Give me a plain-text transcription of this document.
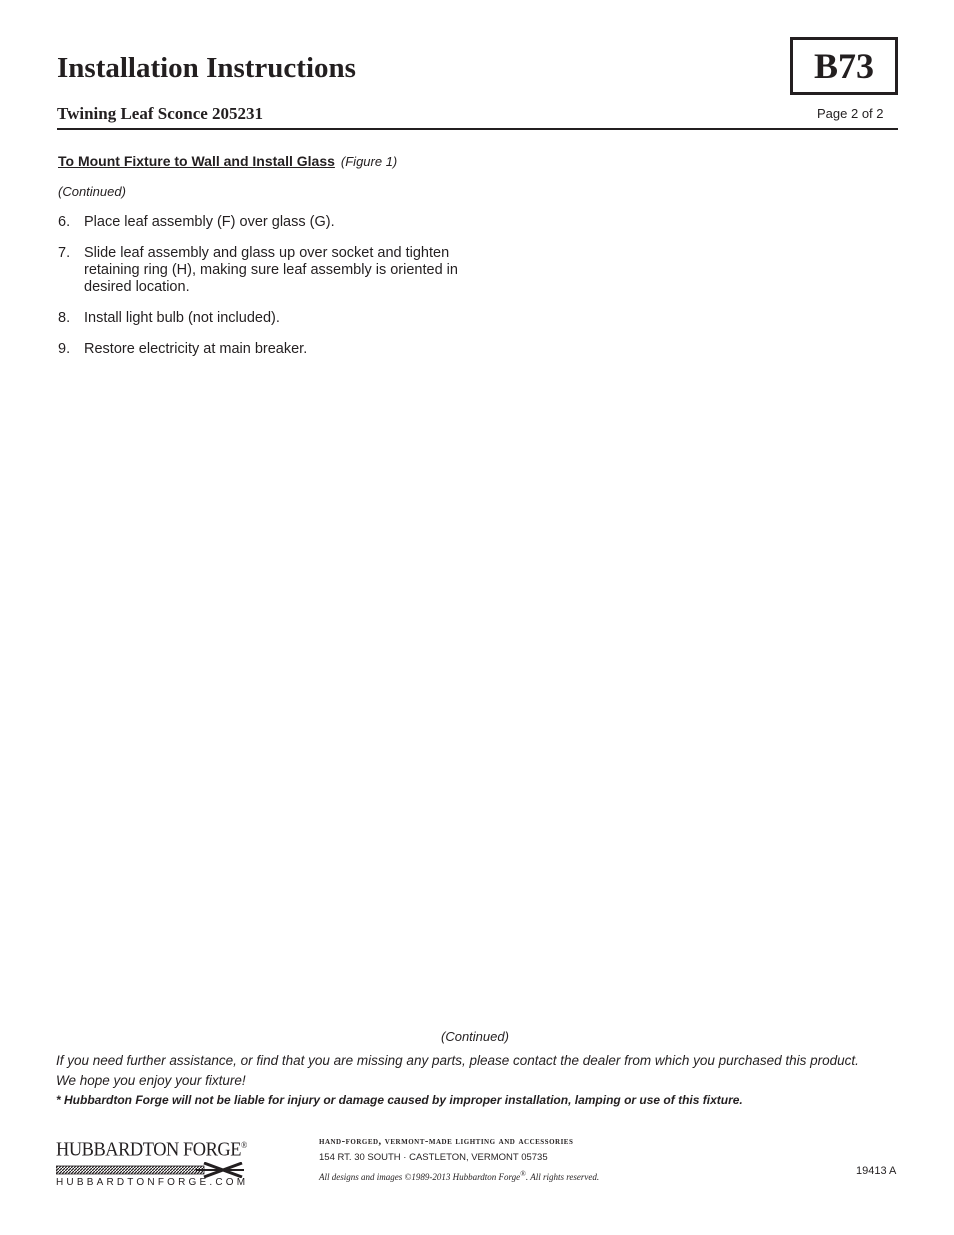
Installation Instructions	B73
Twining Leaf Sconce 205231	Page 2 of 2
To Mount Fixture to Wall and Install Glass (Figure 1)
(Continued)
6. Place leaf assembly (F) over glass (G).
7. Slide leaf assembly and glass up over socket and tighten retaining ring (H), making sure leaf assembly is oriented in desired location.
8. Install light bulb (not included).
9. Restore electricity at main breaker.
(Continued)
If you need further assistance, or find that you are missing any parts, please contact the dealer from which you purchased this product.
We hope you enjoy your fixture!
* Hubbardton Forge will not be liable for injury or damage caused by improper installation, lamping or use of this fixture.
HUBBARDTON FORGE®
HUBBARDTONFORGE.COM
hand-forged, vermont-made lighting and accessories
154 RT. 30 SOUTH · CASTLETON, VERMONT 05735
All designs and images ©1989-2013 Hubbardton Forge®. All rights reserved.	19413 A
